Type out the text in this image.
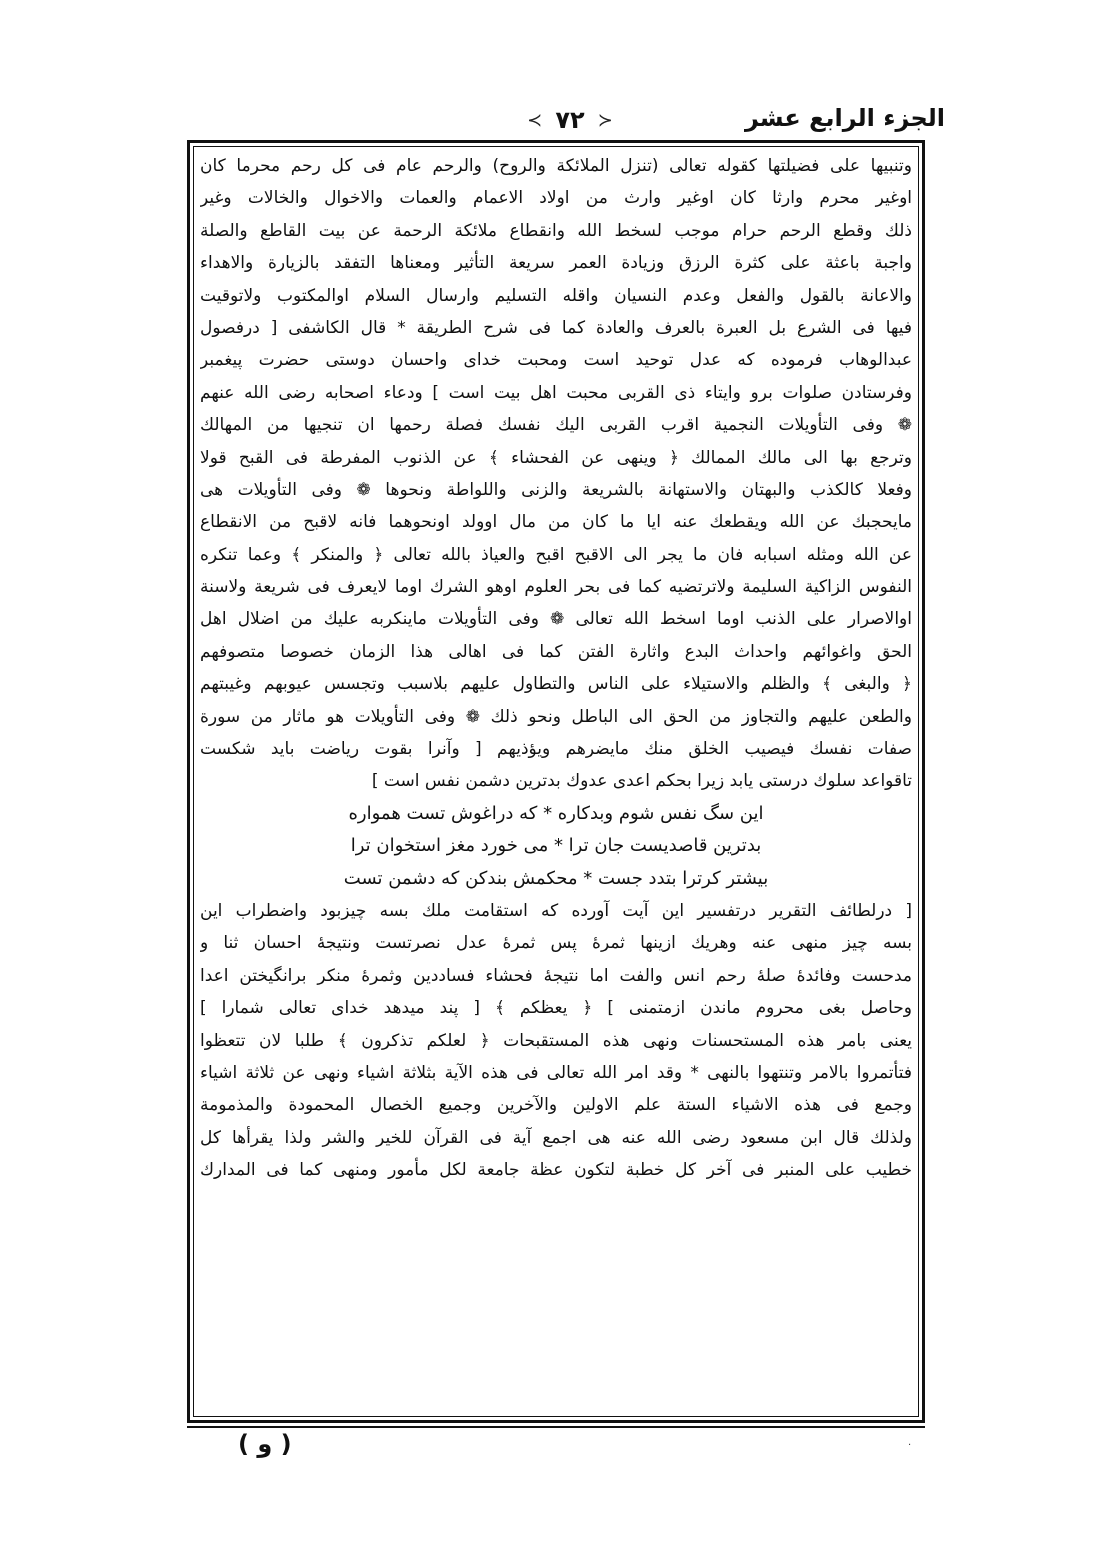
الجزء الرابع عشر
≺ ٧٢ ≻
وتنبيها على فضيلتها كقوله تعالى (تنزل الملائكة والروح) والرحم عام فى كل رحم محرما كان
اوغير محرم وارثا كان اوغير وارث من اولاد الاعمام والعمات والاخوال والخالات وغير
ذلك وقطع الرحم حرام موجب لسخط الله وانقطاع ملائكة الرحمة عن بيت القاطع والصلة
واجبة باعثة على كثرة الرزق وزيادة العمر سريعة التأثير ومعناها التفقد بالزيارة والاهداء
والاعانة بالقول والفعل وعدم النسيان واقله التسليم وارسال السلام اوالمكتوب ولاتوقيت
فيها فى الشرع بل العبرة بالعرف والعادة كما فى شرح الطريقة * قال الكاشفى [ درفصول
عبدالوهاب فرموده كه عدل توحيد است ومحبت خداى واحسان دوستى حضرت پيغمبر
وفرستادن صلوات برو وايتاء ذى القربى محبت اهل بيت است ] ودعاء اصحابه رضى الله عنهم
❁ وفى التأويلات النجمية اقرب القربى اليك نفسك فصلة رحمها ان تنجيها من المهالك
وترجع بها الى مالك الممالك ﴿ وينهى عن الفحشاء ﴾ عن الذنوب المفرطة فى القبح قولا
وفعلا كالكذب والبهتان والاستهانة بالشريعة والزنى واللواطة ونحوها ❁ وفى التأويلات هى
مايحجبك عن الله ويقطعك عنه ايا ما كان من مال اوولد اونحوهما فانه لاقبح من الانقطاع
عن الله ومثله اسبابه فان ما يجر الى الاقبح اقبح والعياذ بالله تعالى ﴿ والمنكر ﴾ وعما تنكره
النفوس الزاكية السليمة ولاترتضيه كما فى بحر العلوم اوهو الشرك اوما لايعرف فى شريعة ولاسنة
اوالاصرار على الذنب اوما اسخط الله تعالى ❁ وفى التأويلات ماينكربه عليك من اضلال اهل
الحق واغوائهم واحداث البدع واثارة الفتن كما فى اهالى هذا الزمان خصوصا متصوفهم
﴿ والبغى ﴾ والظلم والاستيلاء على الناس والتطاول عليهم بلاسبب وتجسس عيوبهم وغيبتهم
والطعن عليهم والتجاوز من الحق الى الباطل ونحو ذلك ❁ وفى التأويلات هو ماثار من سورة
صفات نفسك فيصيب الخلق منك مايضرهم ويؤذيهم [ وآنرا بقوت رياضت بايد شكست
تاقواعد سلوك درستى يابد زيرا بحكم اعدى عدوك بدترين دشمن نفس است ]
اين سگ نفس شوم وبدكاره * كه دراغوش تست همواره
بدترين قاصديست جان ترا * مى خورد مغز استخوان ترا
بيشتر كرترا بتدد جست * محكمش بندكن كه دشمن تست
[ درلطائف التقرير درتفسير اين آيت آورده كه استقامت ملك بسه چيزبود واضطراب اين
بسه چيز منهى عنه وهريك ازينها ثمرهٔ پس ثمرهٔ عدل نصرتست ونتيجهٔ احسان ثنا و
مدحست وفائدهٔ صلهٔ رحم انس والفت اما نتيجهٔ فحشاء فساددين وثمرهٔ منكر برانگيختن اعدا
وحاصل بغى محروم ماندن ازمتمنى ] ﴿ يعظكم ﴾ [ پند ميدهد خداى تعالى شمارا ]
يعنى بامر هذه المستحسنات ونهى هذه المستقبحات ﴿ لعلكم تذكرون ﴾ طلبا لان تتعظوا
فتأتمروا بالامر وتنتهوا بالنهى * وقد امر الله تعالى فى هذه الآية بثلاثة اشياء ونهى عن ثلاثة اشياء
وجمع فى هذه الاشياء الستة علم الاولين والآخرين وجميع الخصال المحمودة والمذمومة
ولذلك قال ابن مسعود رضى الله عنه هى اجمع آية فى القرآن للخير والشر ولذا يقرأها كل
خطيب على المنبر فى آخر كل خطبة لتكون عظة جامعة لكل مأمور ومنهى كما فى المدارك
( و )	·
